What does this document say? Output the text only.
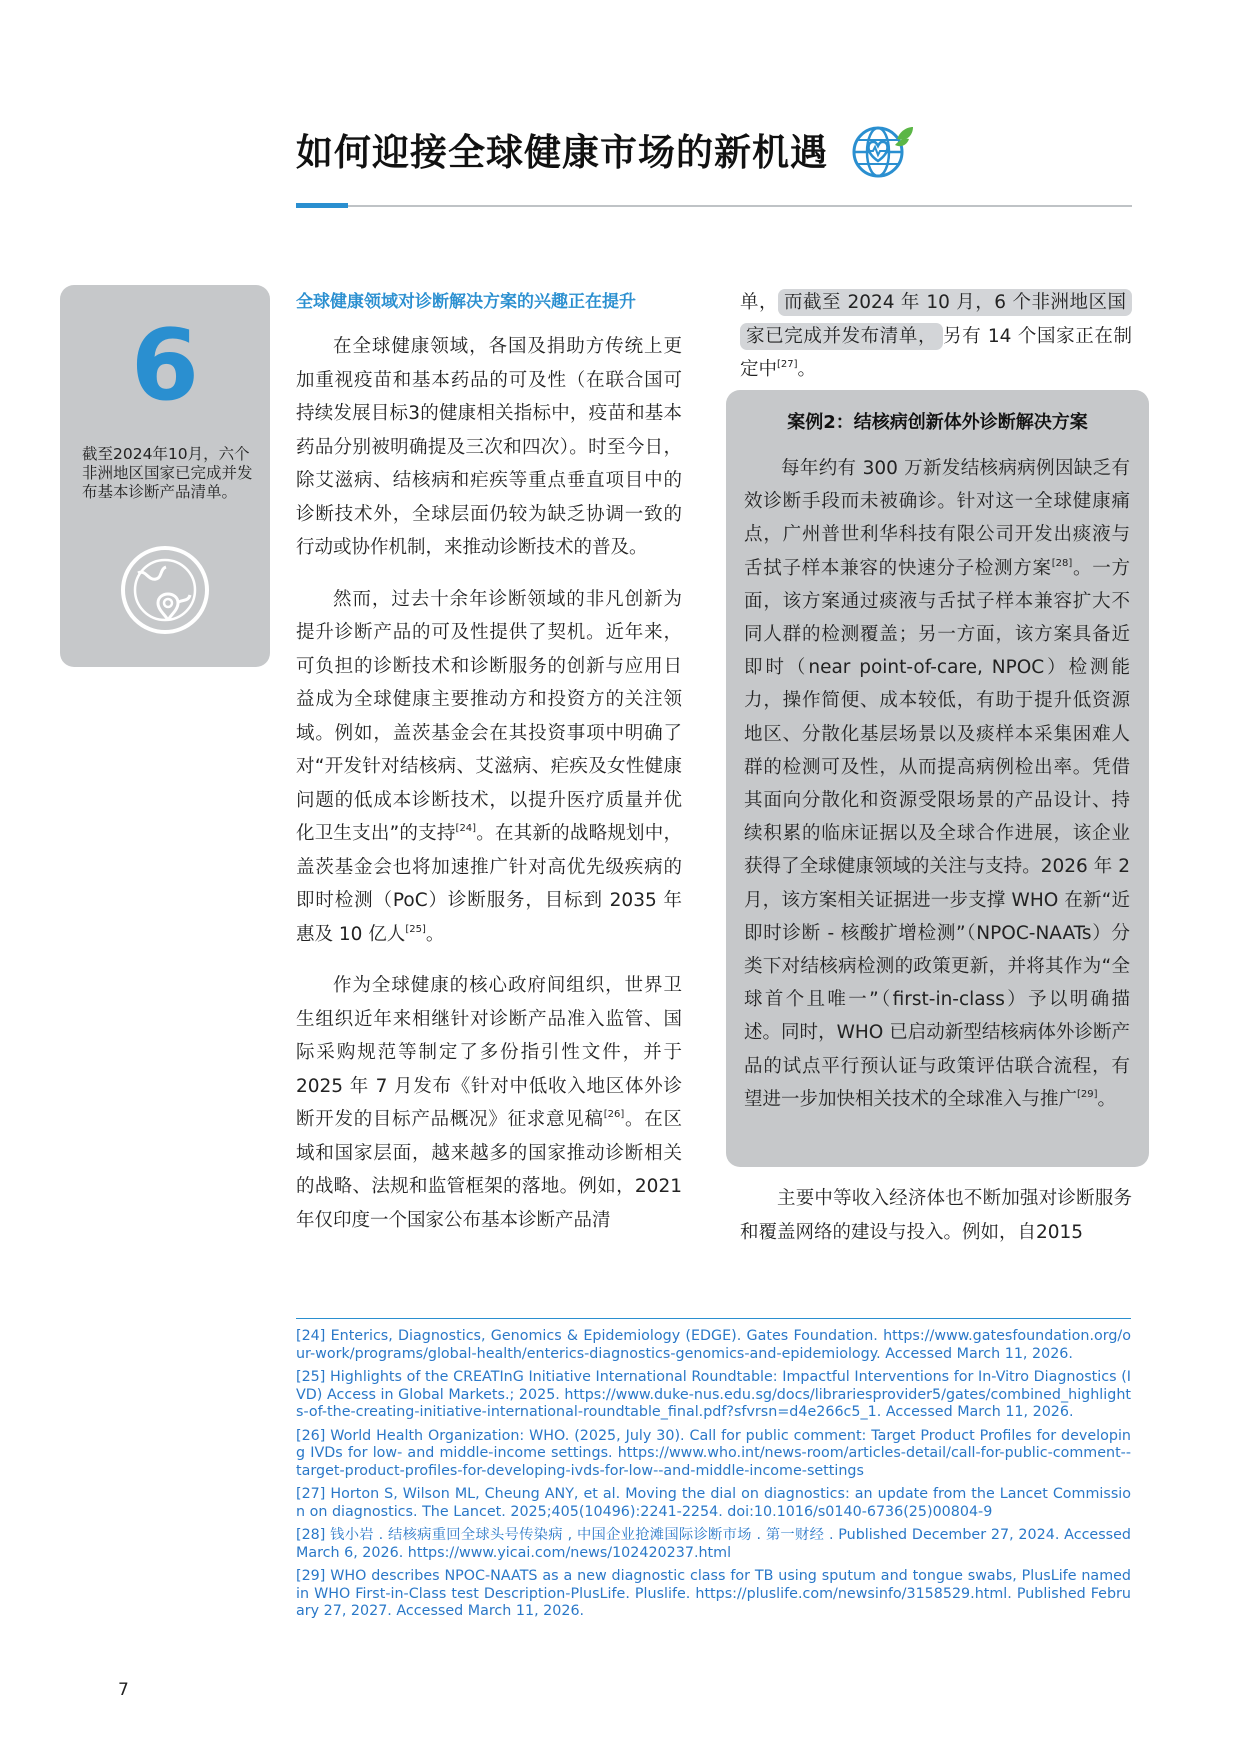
如何迎接全球健康市场的新机遇
6
截至2024年10月，六个非洲地区国家已完成并发布基本诊断产品清单。
全球健康领域对诊断解决方案的兴趣正在提升

在全球健康领域，各国及捐助方传统上更加重视疫苗和基本药品的可及性（在联合国可持续发展目标3的健康相关指标中，疫苗和基本药品分别被明确提及三次和四次）。时至今日，除艾滋病、结核病和疟疾等重点垂直项目中的诊断技术外，全球层面仍较为缺乏协调一致的行动或协作机制，来推动诊断技术的普及。

然而，过去十余年诊断领域的非凡创新为提升诊断产品的可及性提供了契机。近年来，可负担的诊断技术和诊断服务的创新与应用日益成为全球健康主要推动方和投资方的关注领域。例如，盖茨基金会在其投资事项中明确了对“开发针对结核病、艾滋病、疟疾及女性健康问题的低成本诊断技术，以提升医疗质量并优化卫生支出”的支持[24]。在其新的战略规划中，盖茨基金会也将加速推广针对高优先级疾病的即时检测（PoC）诊断服务，目标到 2035 年惠及 10 亿人[25]。

作为全球健康的核心政府间组织，世界卫生组织近年来相继针对诊断产品准入监管、国际采购规范等制定了多份指引性文件，并于 2025 年 7 月发布《针对中低收入地区体外诊断开发的目标产品概况》征求意见稿[26]。在区域和国家层面，越来越多的国家推动诊断相关的战略、法规和监管框架的落地。例如，2021 年仅印度一个国家公布基本诊断产品清

单， 而截至 2024 年 10 月，6 个非洲地区国家已完成并发布清单， 另有 14 个国家正在制定中[27]。

案例2：结核病创新体外诊断解决方案

每年约有 300 万新发结核病病例因缺乏有效诊断手段而未被确诊。针对这一全球健康痛点，广州普世利华科技有限公司开发出痰液与舌拭子样本兼容的快速分子检测方案[28]。一方面，该方案通过痰液与舌拭子样本兼容扩大不同人群的检测覆盖；另一方面，该方案具备近即时（near point-of-care, NPOC）检测能力，操作简便、成本较低，有助于提升低资源地区、分散化基层场景以及痰样本采集困难人群的检测可及性，从而提高病例检出率。凭借其面向分散化和资源受限场景的产品设计、持续积累的临床证据以及全球合作进展，该企业获得了全球健康领域的关注与支持。2026 年 2 月，该方案相关证据进一步支撑 WHO 在新“近即时诊断 - 核酸扩增检测”（NPOC-NAATs）分类下对结核病检测的政策更新，并将其作为“全球首个且唯一”（first-in-class）予以明确描述。同时，WHO 已启动新型结核病体外诊断产品的试点平行预认证与政策评估联合流程，有望进一步加快相关技术的全球准入与推广[29]。

主要中等收入经济体也不断加强对诊断服务和覆盖网络的建设与投入。例如，自2015

[24] Enterics, Diagnostics, Genomics & Epidemiology (EDGE). Gates Foundation. https://www.gatesfoundation.org/our-work/programs/global-health/enterics-diagnostics-genomics-and-epidemiology. Accessed March 11, 2026.

[25] Highlights of the CREATInG Initiative International Roundtable: Impactful Interventions for In-Vitro Diagnostics (IVD) Access in Global Markets.; 2025. https://www.duke-nus.edu.sg/docs/librariesprovider5/gates/combined_highlights-of-the-creating-initiative-international-roundtable_final.pdf?sfvrsn=d4e266c5_1. Accessed March 11, 2026.

[26] World Health Organization: WHO. (2025, July 30). Call for public comment: Target Product Profiles for developing IVDs for low- and middle-income settings. https://www.who.int/news-room/articles-detail/call-for-public-comment--target-product-profiles-for-developing-ivds-for-low--and-middle-income-settings

[27] Horton S, Wilson ML, Cheung ANY, et al. Moving the dial on diagnostics: an update from the Lancet Commission on diagnostics. The Lancet. 2025;405(10496):2241-2254. doi:10.1016/s0140-6736(25)00804-9

[28] 钱小岩 . 结核病重回全球头号传染病 , 中国企业抢滩国际诊断市场 . 第一财经 . Published December 27, 2024. Accessed March 6, 2026. https://www.yicai.com/news/102420237.html

[29] WHO describes NPOC-NAATS as a new diagnostic class for TB using sputum and tongue swabs, PlusLife named in WHO First-in-Class test Description-PlusLife. Pluslife. https://pluslife.com/newsinfo/3158529.html. Published February 27, 2027. Accessed March 11, 2026.

7
